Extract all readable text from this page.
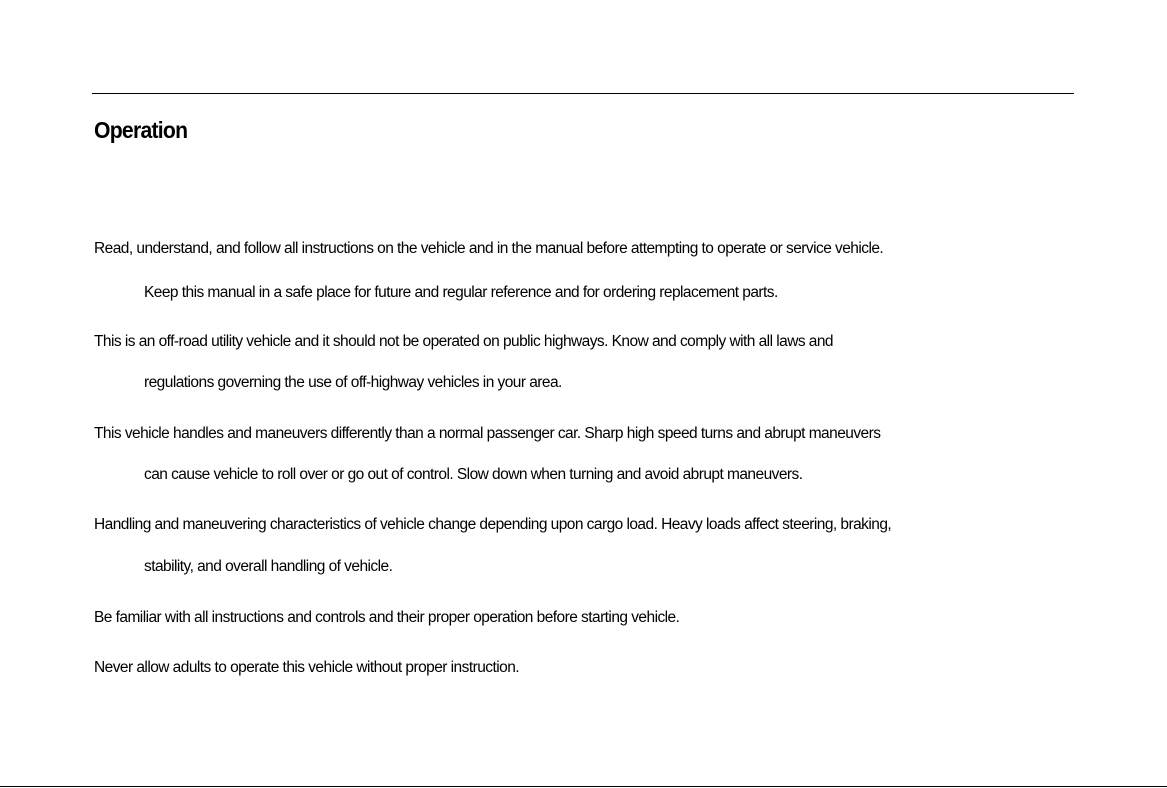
Operation
Read, understand, and follow all instructions on the vehicle and in the manual before attempting to operate or service vehicle.
Keep this manual in a safe place for future and regular reference and for ordering replacement parts.
This is an off-road utility vehicle and it should not be operated on public highways. Know and comply with all laws and
regulations governing the use of off-highway vehicles in your area.
This vehicle handles and maneuvers differently than a normal passenger car. Sharp high speed turns and abrupt maneuvers
can cause vehicle to roll over or go out of control. Slow down when turning and avoid abrupt maneuvers.
Handling and maneuvering characteristics of vehicle change depending upon cargo load. Heavy loads affect steering, braking,
stability, and overall handling of vehicle.
Be familiar with all instructions and controls and their proper operation before starting vehicle.
Never allow adults to operate this vehicle without proper instruction.
